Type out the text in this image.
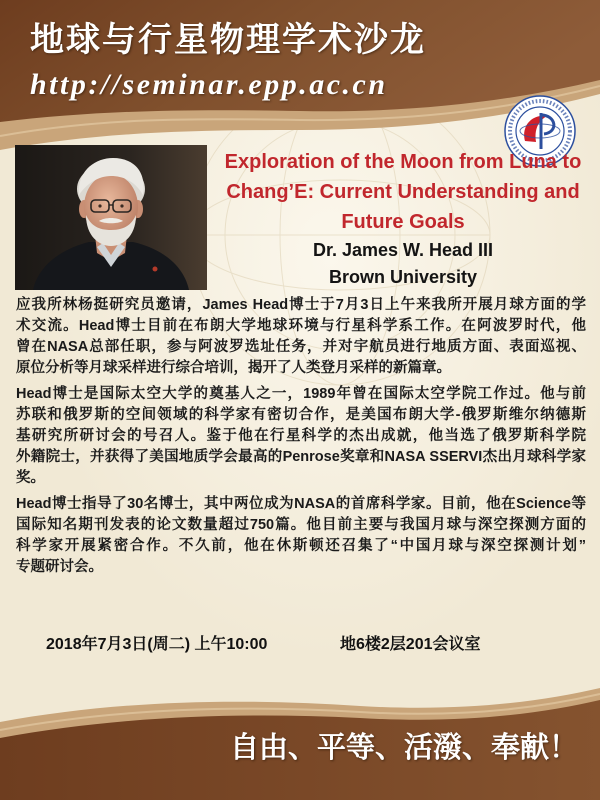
地球与行星物理学术沙龙
http://seminar.epp.ac.cn
Exploration of the Moon from Luna to
Chang’E: Current Understanding and
Future Goals
Dr. James W. Head III
Brown University
应我所林杨挺研究员邀请，James Head博士于7月3日上午来我所开展月球方面的学
术交流。Head博士目前在布朗大学地球环境与行星科学系工作。在阿波罗时代，他
曾在NASA总部任职，参与阿波罗选址任务，并对宇航员进行地质方面、表面巡视、
原位分析等月球采样进行综合培训，揭开了人类登月采样的新篇章。
Head博士是国际太空大学的奠基人之一，1989年曾在国际太空学院工作过。他与前
苏联和俄罗斯的空间领域的科学家有密切合作，是美国布朗大学-俄罗斯维尔纳德斯
基研究所研讨会的号召人。鉴于他在行星科学的杰出成就，他当选了俄罗斯科学院
外籍院士，并获得了美国地质学会最高的Penrose奖章和NASA SSERVI杰出月球科学家
奖。
Head博士指导了30名博士，其中两位成为NASA的首席科学家。目前，他在Science等
国际知名期刊发表的论文数量超过750篇。他目前主要与我国月球与深空探测方面的
科学家开展紧密合作。不久前，他在休斯顿还召集了“中国月球与深空探测计划”
专题研讨会。
2018年7月3日(周二) 上午10:00	地6楼2层201会议室
自由、平等、活潑、奉献！
